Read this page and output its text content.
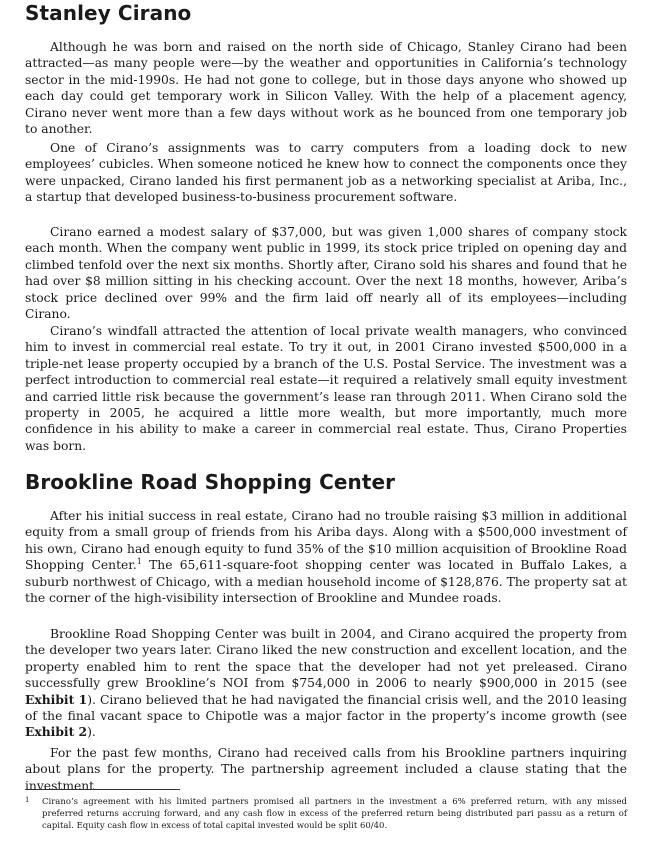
Stanley Cirano

Although he was born and raised on the north side of Chicago, Stanley Cirano had been attracted—as many people were—by the weather and opportunities in California’s technology sector in the mid-1990s. He had not gone to college, but in those days anyone who showed up each day could get temporary work in Silicon Valley. With the help of a placement agency, Cirano never went more than a few days without work as he bounced from one temporary job to another.

One of Cirano’s assignments was to carry computers from a loading dock to new employees’ cubicles. When someone noticed he knew how to connect the components once they were unpacked, Cirano landed his first permanent job as a networking specialist at Ariba, Inc., a startup that developed business-to-business procurement software.

Cirano earned a modest salary of $37,000, but was given 1,000 shares of company stock each month. When the company went public in 1999, its stock price tripled on opening day and climbed tenfold over the next six months. Shortly after, Cirano sold his shares and found that he had over $8 million sitting in his checking account. Over the next 18 months, however, Ariba’s stock price declined over 99% and the firm laid off nearly all of its employees—including Cirano.

Cirano’s windfall attracted the attention of local private wealth managers, who convinced him to invest in commercial real estate. To try it out, in 2001 Cirano invested $500,000 in a triple-net lease property occupied by a branch of the U.S. Postal Service. The investment was a perfect introduction to commercial real estate—it required a relatively small equity investment and carried little risk because the government’s lease ran through 2011. When Cirano sold the property in 2005, he acquired a little more wealth, but more importantly, much more confidence in his ability to make a career in commercial real estate. Thus, Cirano Properties was born.

Brookline Road Shopping Center

After his initial success in real estate, Cirano had no trouble raising $3 million in additional equity from a small group of friends from his Ariba days. Along with a $500,000 investment of his own, Cirano had enough equity to fund 35% of the $10 million acquisition of Brookline Road Shopping Center.$^1$ The 65,611-square-foot shopping center was located in Buffalo Lakes, a suburb northwest of Chicago, with a median household income of $128,876. The property sat at the corner of the high-visibility intersection of Brookline and Mundee roads.

Brookline Road Shopping Center was built in 2004, and Cirano acquired the property from the developer two years later. Cirano liked the new construction and excellent location, and the property enabled him to rent the space that the developer had not yet preleased. Cirano successfully grew Brookline’s NOI from $754,000 in 2006 to nearly $900,000 in 2015 (see Exhibit 1). Cirano believed that he had navigated the financial crisis well, and the 2010 leasing of the final vacant space to Chipotle was a major factor in the property’s income growth (see Exhibit 2).

For the past few months, Cirano had received calls from his Brookline partners inquiring about plans for the property. The partnership agreement included a clause stating that the investment

1 Cirano’s agreement with his limited partners promised all partners in the investment a 6% preferred return, with any missed preferred returns accruing forward, and any cash flow in excess of the preferred return being distributed pari passu as a return of capital. Equity cash flow in excess of total capital invested would be split 60/40.
